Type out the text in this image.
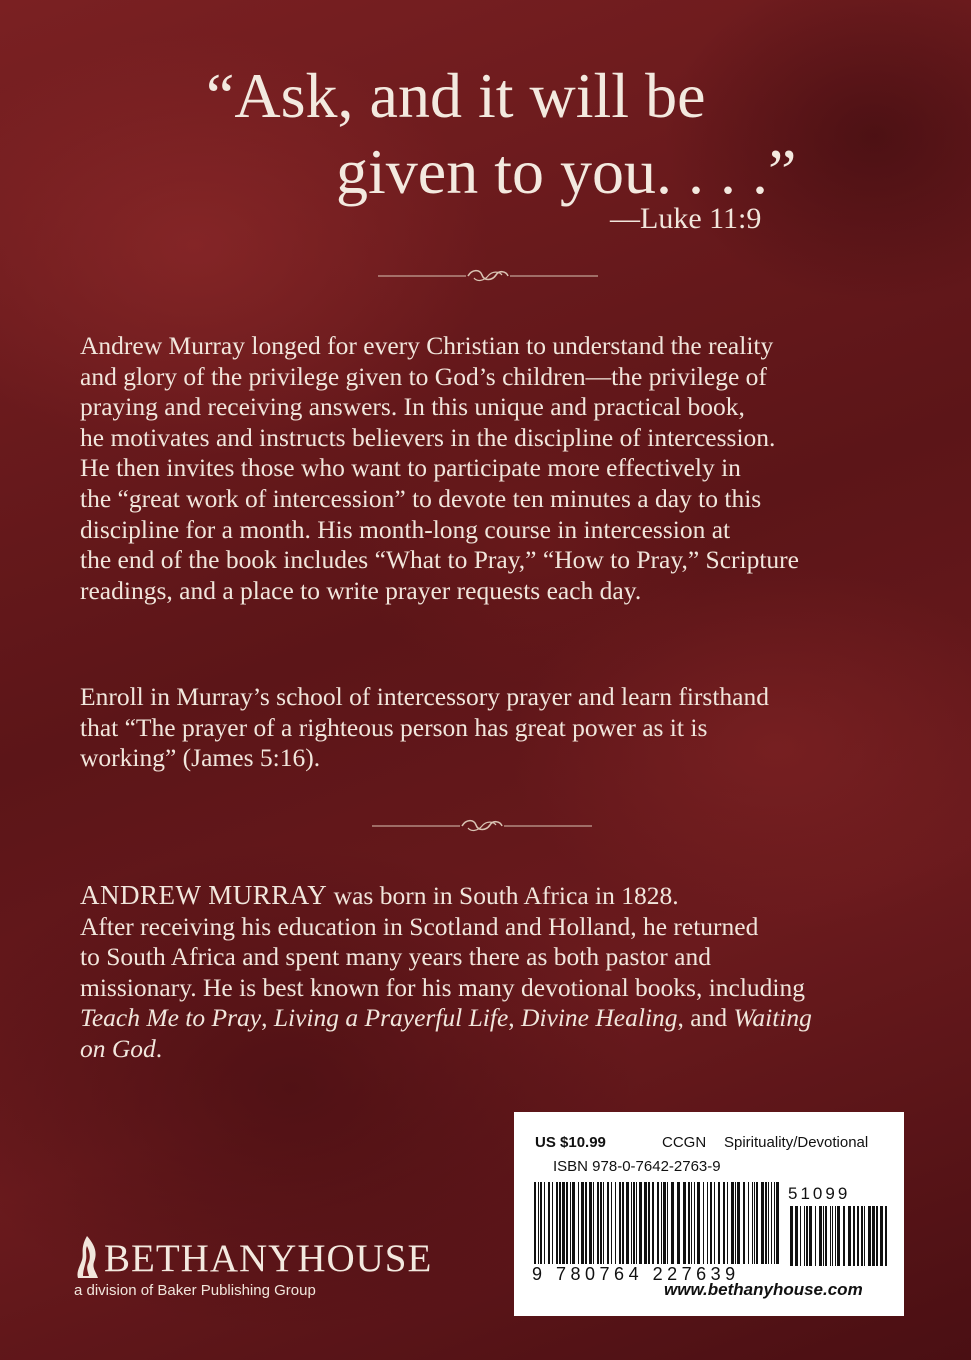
“Ask, and it will be
given to you. . . .”
—Luke 11:9

Andrew Murray longed for every Christian to understand the reality
and glory of the privilege given to God’s children—the privilege of
praying and receiving answers. In this unique and practical book,
he motivates and instructs believers in the discipline of intercession.
He then invites those who want to participate more effectively in
the “great work of intercession” to devote ten minutes a day to this
discipline for a month. His month-long course in intercession at
the end of the book includes “What to Pray,” “How to Pray,” Scripture
readings, and a place to write prayer requests each day.

Enroll in Murray’s school of intercessory prayer and learn firsthand
that “The prayer of a righteous person has great power as it is
working” (James 5:16).

ANDREW MURRAY was born in South Africa in 1828.
After receiving his education in Scotland and Holland, he returned
to South Africa and spent many years there as both pastor and
missionary. He is best known for his many devotional books, including
Teach Me to Pray, Living a Prayerful Life, Divine Healing, and Waiting
on God.

US $10.99	CCGN Spirituality/Devotional
ISBN 978-0-7642-2763-9
51099
9 780764 227639
www.bethanyhouse.com
BETHANYHOUSE
a division of Baker Publishing Group
